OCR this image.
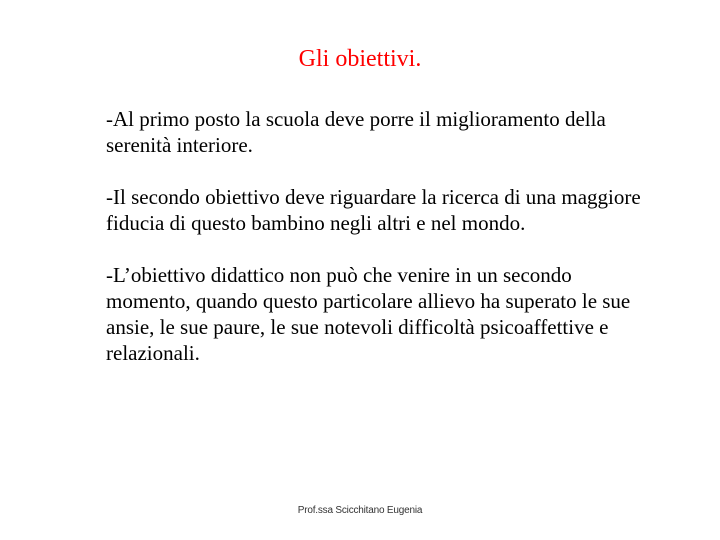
Gli obiettivi.

-Al primo posto la scuola deve porre il miglioramento della serenità interiore.

-Il secondo obiettivo deve riguardare la ricerca di una maggiore fiducia di questo bambino negli altri e nel mondo.

-L’obiettivo didattico non può che venire in un secondo momento, quando questo particolare allievo ha superato le sue ansie, le sue paure, le sue notevoli difficoltà psicoaffettive e relazionali.

Prof.ssa Scicchitano Eugenia
